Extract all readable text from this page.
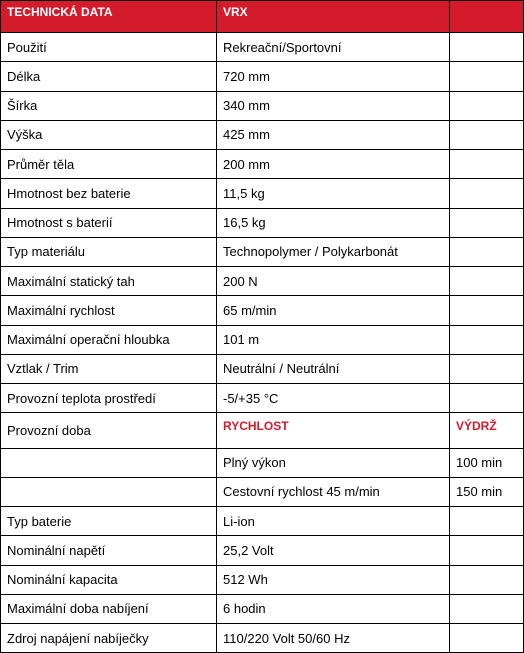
TECHNICKÁ DATA	VRX	
Použití	Rekreační/Sportovní	
Délka	720 mm	
Šírka	340 mm	
Výška	425 mm	
Průměr těla	200 mm	
Hmotnost bez baterie	11,5 kg	
Hmotnost s baterií	16,5 kg	
Typ materiálu	Technopolymer / Polykarbonát	
Maximální statický tah	200 N	
Maximální rychlost	65 m/min	
Maximální operační hloubka	101 m	
Vztlak / Trim	Neutrální / Neutrální	
Provozní teplota prostředí	-5/+35 °C	
Provozní doba	RYCHLOST	VÝDRŽ
	Plný výkon	100 min
	Cestovní rychlost 45 m/min	150 min
Typ baterie	Li-ion	
Nominální napětí	25,2 Volt	
Nominální kapacita	512 Wh	
Maximální doba nabíjení	6 hodin	
Zdroj napájení nabíječky	110/220 Volt 50/60 Hz	
